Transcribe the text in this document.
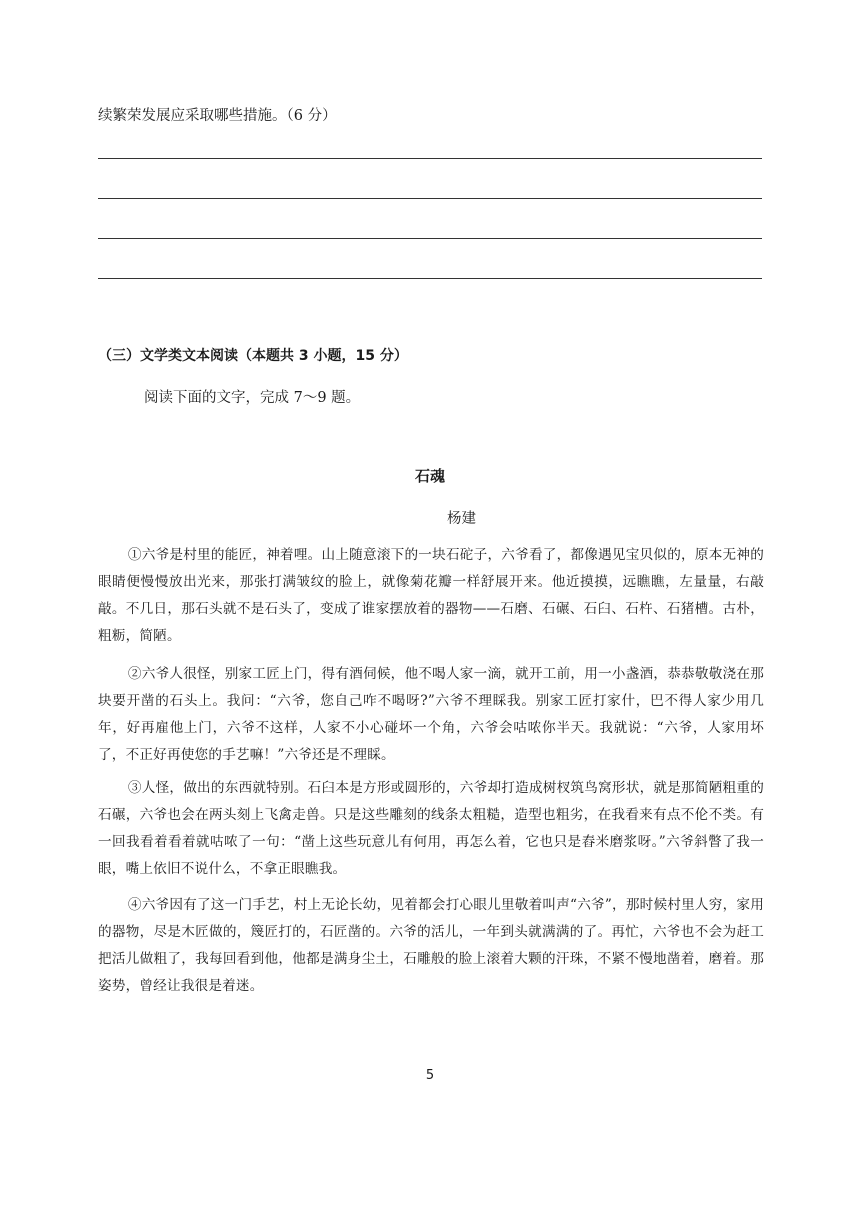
续繁荣发展应采取哪些措施。（6 分）
（三）文学类文本阅读（本题共 3 小题，15 分）
阅读下面的文字，完成 7～9 题。
石魂
杨建

①六爷是村里的能匠，神着哩。山上随意滚下的一块石砣子，六爷看了，都像遇见宝贝似的，原本无神的眼睛便慢慢放出光来，那张打满皱纹的脸上，就像菊花瓣一样舒展开来。他近摸摸，远瞧瞧，左量量，右敲敲。不几日，那石头就不是石头了，变成了谁家摆放着的器物——石磨、石碾、石臼、石杵、石猪槽。古朴，粗粝，简陋。

②六爷人很怪，别家工匠上门，得有酒伺候，他不喝人家一滴，就开工前，用一小盏酒，恭恭敬敬浇在那块要开凿的石头上。我问：“六爷，您自己咋不喝呀?”六爷不理睬我。别家工匠打家什，巴不得人家少用几年，好再雇他上门，六爷不这样，人家不小心碰坏一个角，六爷会咕哝你半天。我就说：“六爷，人家用坏了，不正好再使您的手艺嘛！”六爷还是不理睬。

③人怪，做出的东西就特别。石臼本是方形或圆形的，六爷却打造成树杈筑鸟窝形状，就是那简陋粗重的石碾，六爷也会在两头刻上飞禽走兽。只是这些雕刻的线条太粗糙，造型也粗劣，在我看来有点不伦不类。有一回我看着看着就咕哝了一句：“凿上这些玩意儿有何用，再怎么着，它也只是舂米磨浆呀。”六爷斜瞥了我一眼，嘴上依旧不说什么，不拿正眼瞧我。

④六爷因有了这一门手艺，村上无论长幼，见着都会打心眼儿里敬着叫声“六爷”，那时候村里人穷，家用的器物，尽是木匠做的，篾匠打的，石匠凿的。六爷的活儿，一年到头就满满的了。再忙，六爷也不会为赶工把活儿做粗了，我每回看到他，他都是满身尘土，石雕般的脸上滚着大颗的汗珠，不紧不慢地凿着，磨着。那姿势，曾经让我很是着迷。

5
